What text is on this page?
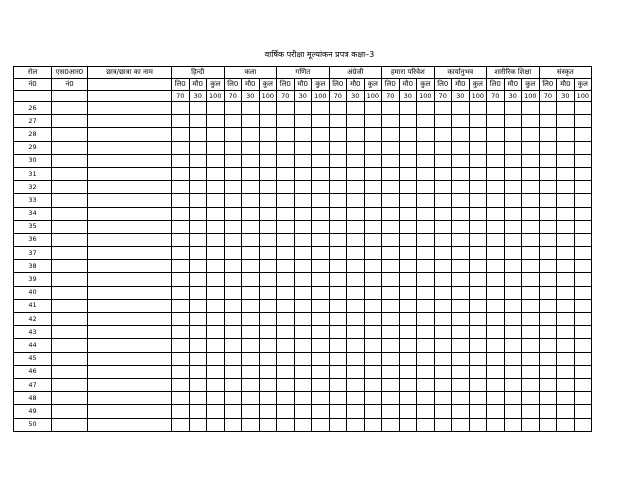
वार्षिक परीक्षा मूल्यांकन प्रपत्र कक्षा–3
रोल	एस0आर0	छात्र/छात्रा का नाम	हिन्दी			कला			गणित			अंग्रेजी			हमारा परिवेश			कार्यानुभव			शारीरिक शिक्षा			संस्कृत		
नं0	नं0		लि0	मौ0	कुल	लि0	मौ0	कुल	लि0	मौ0	कुल	लि0	मौ0	कुल	लि0	मौ0	कुल	लि0	मौ0	कुल	लि0	मौ0	कुल	लि0	मौ0	कुल
			70	30	100	70	30	100	70	30	100	70	30	100	70	30	100	70	30	100	70	30	100	70	30	100
26																										
27																										
28																										
29																										
30																										
31																										
32																										
33																										
34																										
35																										
36																										
37																										
38																										
39																										
40																										
41																										
42																										
43																										
44																										
45																										
46																										
47																										
48																										
49																										
50																										
